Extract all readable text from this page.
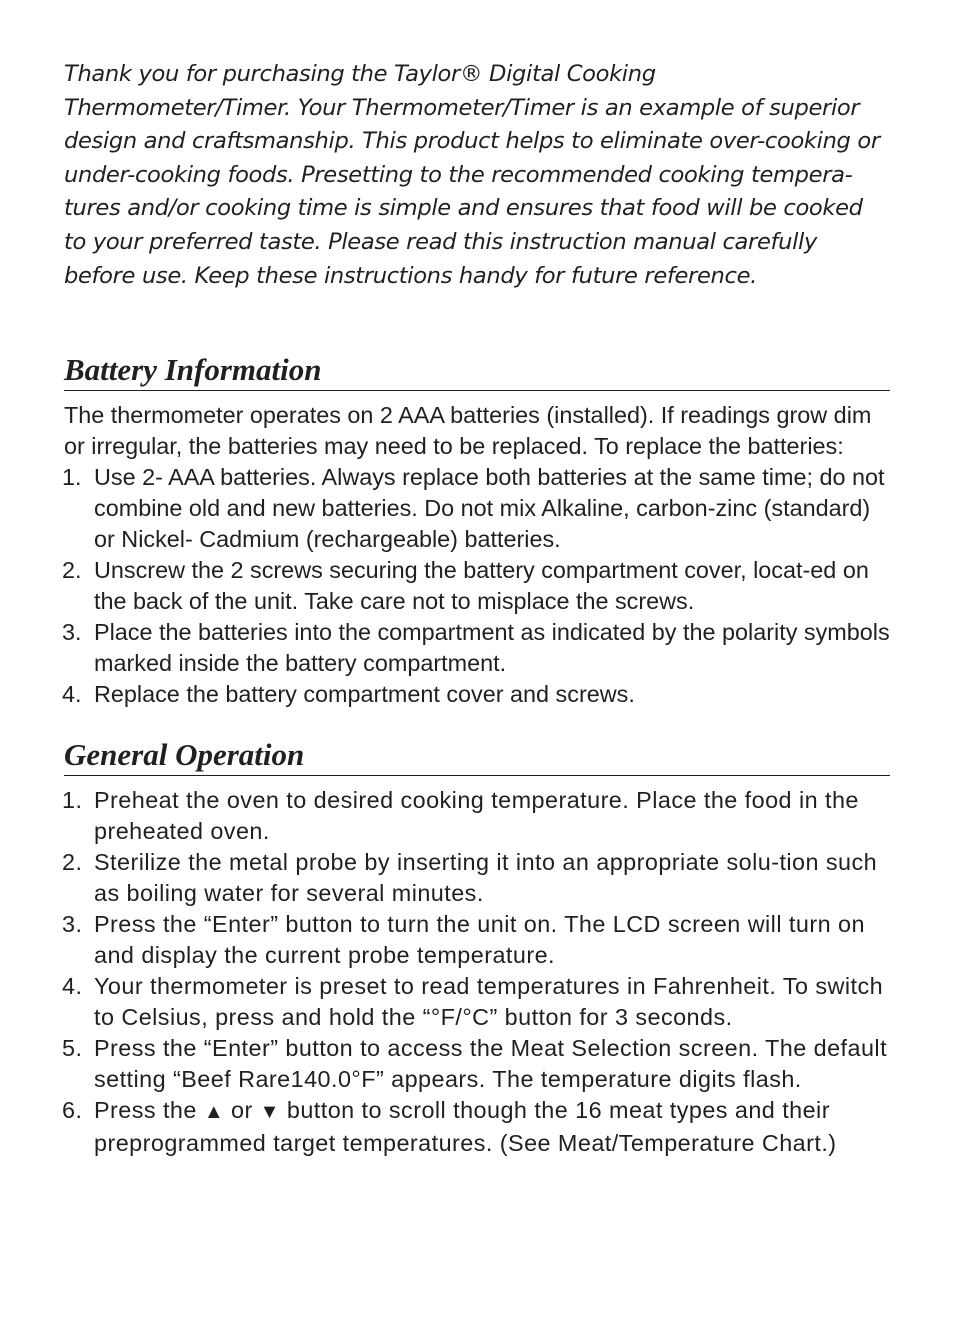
Thank you for purchasing the Taylor® Digital Cooking
Thermometer/Timer. Your Thermometer/Timer is an example of superior
design and craftsmanship. This product helps to eliminate over-cooking or
under-cooking foods. Presetting to the recommended cooking tempera-
tures and/or cooking time is simple and ensures that food will be cooked
to your preferred taste. Please read this instruction manual carefully
before use. Keep these instructions handy for future reference.

Battery Information

The thermometer operates on 2 AAA batteries (installed). If readings grow dim or irregular, the batteries may need to be replaced. To replace the batteries:

1. Use 2- AAA batteries. Always replace both batteries at the same time; do not combine old and new batteries. Do not mix Alkaline, carbon-zinc (standard) or Nickel- Cadmium (rechargeable) batteries.
2. Unscrew the 2 screws securing the battery compartment cover, locat-ed on the back of the unit. Take care not to misplace the screws.
3. Place the batteries into the compartment as indicated by the polarity symbols marked inside the battery compartment.
4. Replace the battery compartment cover and screws.
General Operation
1. Preheat the oven to desired cooking temperature. Place the food in the preheated oven.
2. Sterilize the metal probe by inserting it into an appropriate solu-tion such as boiling water for several minutes.
3. Press the “Enter” button to turn the unit on. The LCD screen will turn on and display the current probe temperature.
4. Your thermometer is preset to read temperatures in Fahrenheit. To switch to Celsius, press and hold the “°F/°C” button for 3 seconds.
5. Press the “Enter” button to access the Meat Selection screen. The default setting “Beef Rare140.0°F” appears. The temperature digits flash.
6. Press the ▲ or ▼ button to scroll though the 16 meat types and their preprogrammed target temperatures. (See Meat/Temperature Chart.)
